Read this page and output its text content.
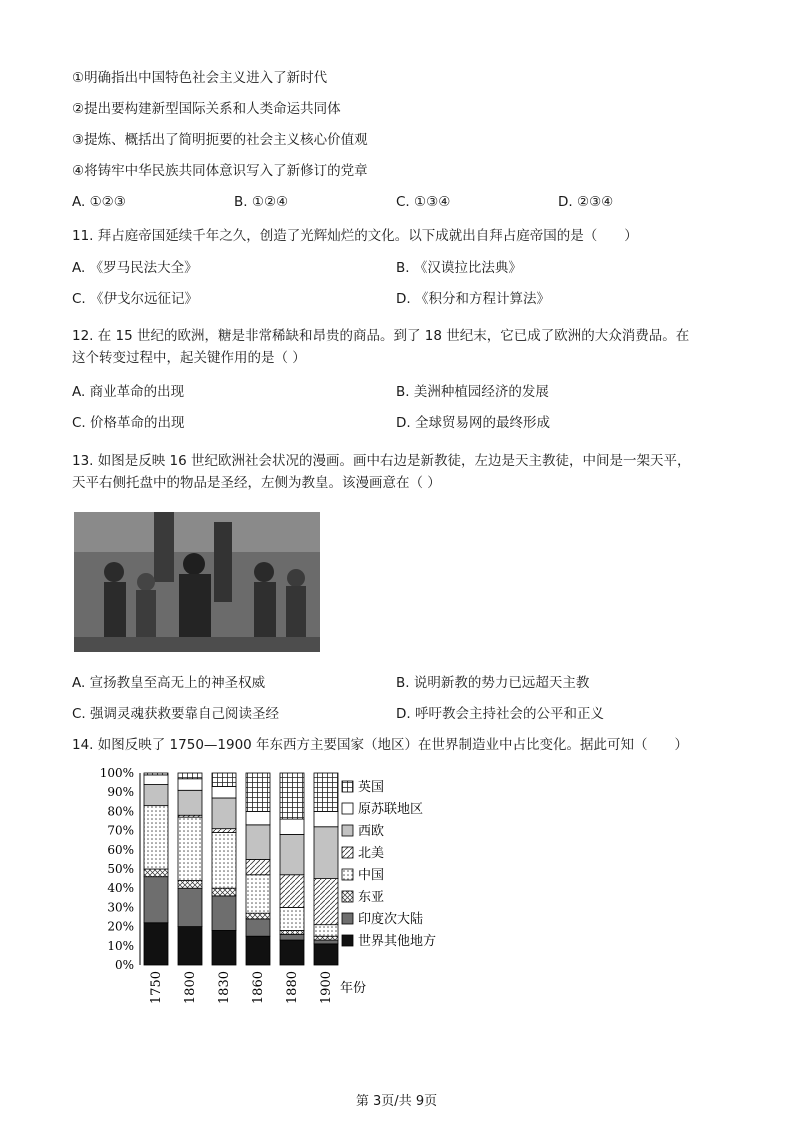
①明确指出中国特色社会主义进入了新时代
②提出要构建新型国际关系和人类命运共同体
③提炼、概括出了简明扼要的社会主义核心价值观
④将铸牢中华民族共同体意识写入了新修订的党章
A. ①②③	B. ①②④	C. ①③④	D. ②③④
11. 拜占庭帝国延续千年之久，创造了光辉灿烂的文化。以下成就出自拜占庭帝国的是（　　）
A. 《罗马民法大全》	B. 《汉谟拉比法典》
C. 《伊戈尔远征记》	D. 《积分和方程计算法》
12. 在 15 世纪的欧洲，糖是非常稀缺和昂贵的商品。到了 18 世纪末，它已成了欧洲的大众消费品。在
这个转变过程中，起关键作用的是（ ）
A. 商业革命的出现	B. 美洲种植园经济的发展
C. 价格革命的出现	D. 全球贸易网的最终形成
13. 如图是反映 16 世纪欧洲社会状况的漫画。画中右边是新教徒，左边是天主教徒，中间是一架天平，
天平右侧托盘中的物品是圣经，左侧为教皇。该漫画意在（ ）
A. 宣扬教皇至高无上的神圣权威	B. 说明新教的势力已远超天主教
C. 强调灵魂获救要靠自己阅读圣经	D. 呼吁教会主持社会的公平和正义
14. 如图反映了 1750—1900 年东西方主要国家（地区）在世界制造业中占比变化。据此可知（　　）
0%
10%
20%
30%
40%
50%
60%
70%
80%
90%
100%
1750 1800 1830 1860 1880 1900
英国
原苏联地区
西欧
北美
中国
东亚
印度次大陆
世界其他地方
年份
第 3页/共 9页
